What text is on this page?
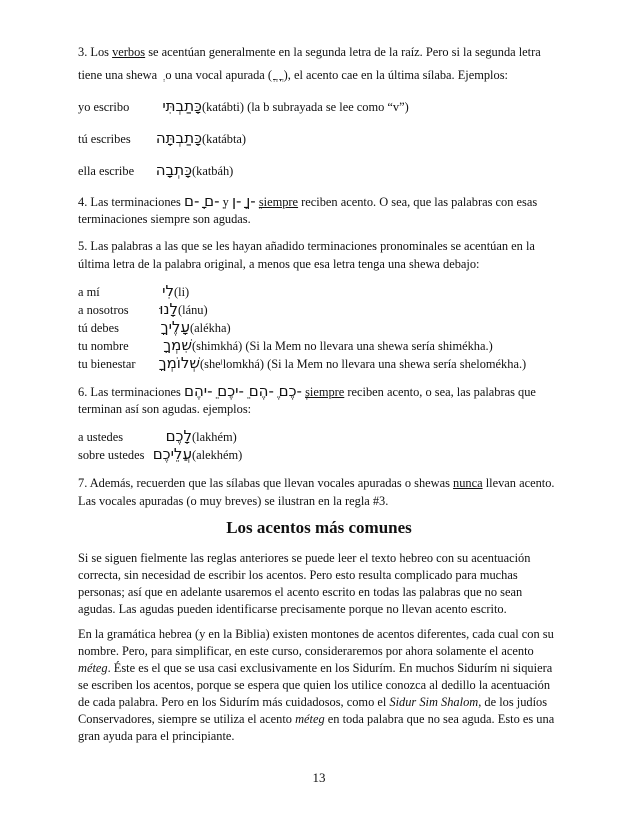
3. Los verbos se acentúan generalmente en la segunda letra de la raíz. Pero si la segunda letra
tiene una shewa ְ o una vocal apurada (ֱ ֲ ֳ), el acento cae en la última sílaba. Ejemplos:
yo escribo כָּתַבְתִּי(katábti) (la b subrayada se lee como “v”)
tú escribes כָּתַבְתָּה(katábta)
ella escribe כָּתְבָה(katbáh)
4. Las terminaciones ֵ-ם ָ-ם y ֵ-ן ָ-ן siempre reciben acento. O sea, que las palabras con esas
terminaciones siempre son agudas.
5. Las palabras a las que se les hayan añadido terminaciones pronominales se acentúan en la
última letra de la palabra original, a menos que esa letra tenga una shewa debajo:
a mí	לִי(li)
a nosotros לָנוּ(lánu)
tú debes	עָלֶיךָ(alékha)
tu nombre שִׁמְךָ(shimkhá) (Si la Mem no llevara una shewa sería shimékha.)
tu bienestar שְׁלוֹמְךָ(sheˡlomkhá) (Si la Mem no llevara una shewa sería shelomékha.)
6. Las terminaciones ֶ-כֶם ֶ-הֶם ֵ-יכֶם ֵ-יהֶם siempre reciben acento, o sea, las palabras que
terminan así son agudas. ejemplos:
a ustedes	לָכֶם(lakhém)
sobre ustedes עֲלֵיכֶם(alekhém)
7. Además, recuerden que las sílabas que llevan vocales apuradas o shewas nunca llevan acento.
Las vocales apuradas (o muy breves) se ilustran en la regla #3.
Los acentos más comunes
Si se siguen fielmente las reglas anteriores se puede leer el texto hebreo con su acentuación
correcta, sin necesidad de escribir los acentos. Pero esto resulta complicado para muchas
personas; así que en adelante usaremos el acento escrito en todas las palabras que no sean
agudas. Las agudas pueden identificarse precisamente porque no llevan acento escrito.
En la gramática hebrea (y en la Biblia) existen montones de acentos diferentes, cada cual con su
nombre. Pero, para simplificar, en este curso, consideraremos por ahora solamente el acento
méteg. Éste es el que se usa casi exclusivamente en los Sidurím. En muchos Sidurím ni siquiera
se escriben los acentos, porque se espera que quien los utilice conozca al dedillo la acentuación
de cada palabra. Pero en los Sidurím más cuidadosos, como el Sidur Sim Shalom, de los judíos
Conservadores, siempre se utiliza el acento méteg en toda palabra que no sea aguda. Esto es una
gran ayuda para el principiante.
13
